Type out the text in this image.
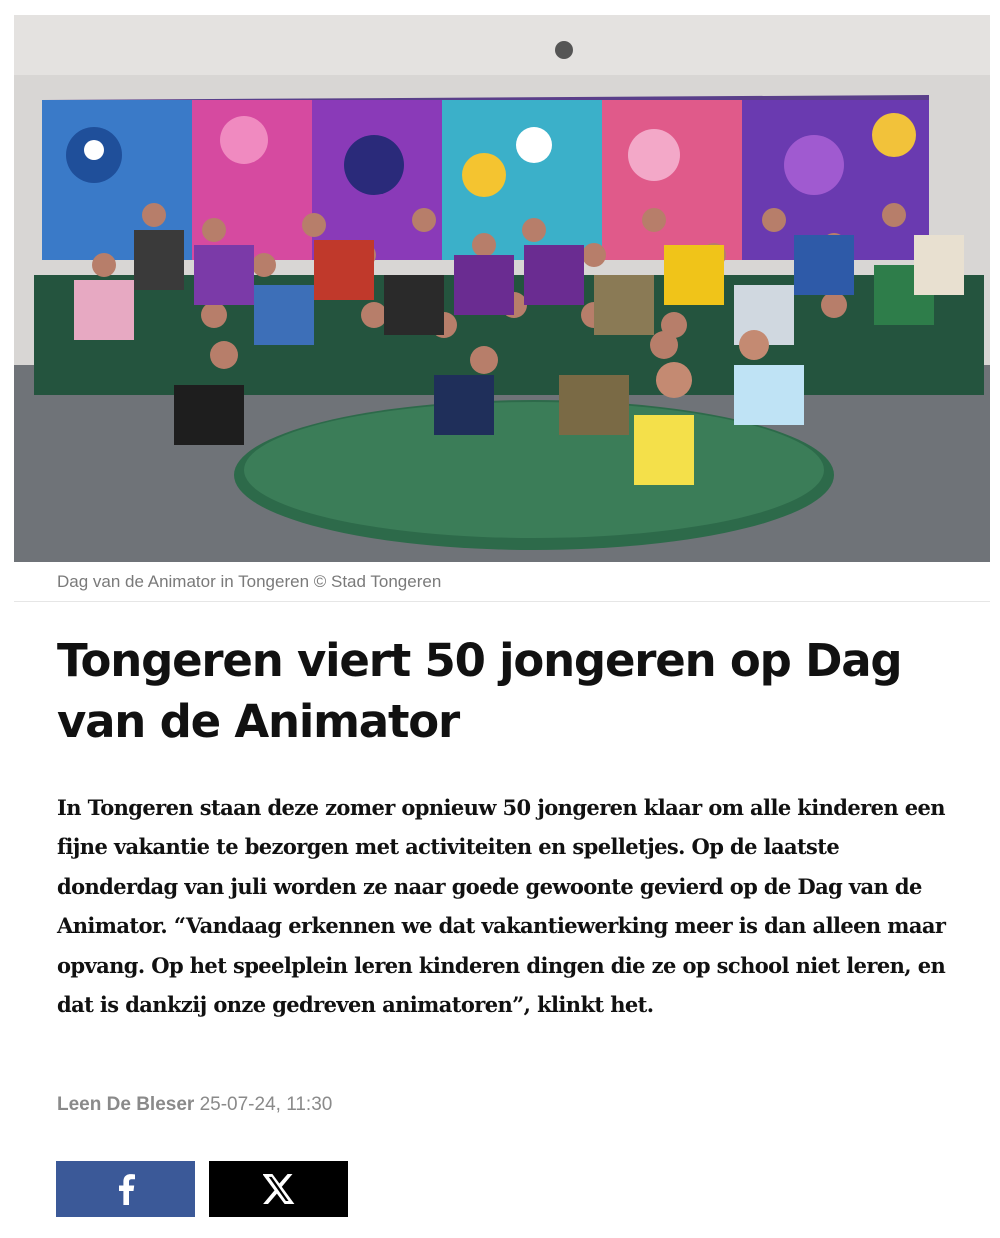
Dag van de Animator in Tongeren © Stad Tongeren
Tongeren viert 50 jongeren op Dag van de Animator

In Tongeren staan deze zomer opnieuw 50 jongeren klaar om alle kinderen een fijne vakantie te bezorgen met activiteiten en spelletjes. Op de laatste donderdag van juli worden ze naar goede gewoonte gevierd op de Dag van de Animator. “Vandaag erkennen we dat vakantiewerking meer is dan alleen maar opvang. Op het speelplein leren kinderen dingen die ze op school niet leren, en dat is dankzij onze gedreven animatoren”, klinkt het.

Leen De Bleser 25-07-24, 11:30
